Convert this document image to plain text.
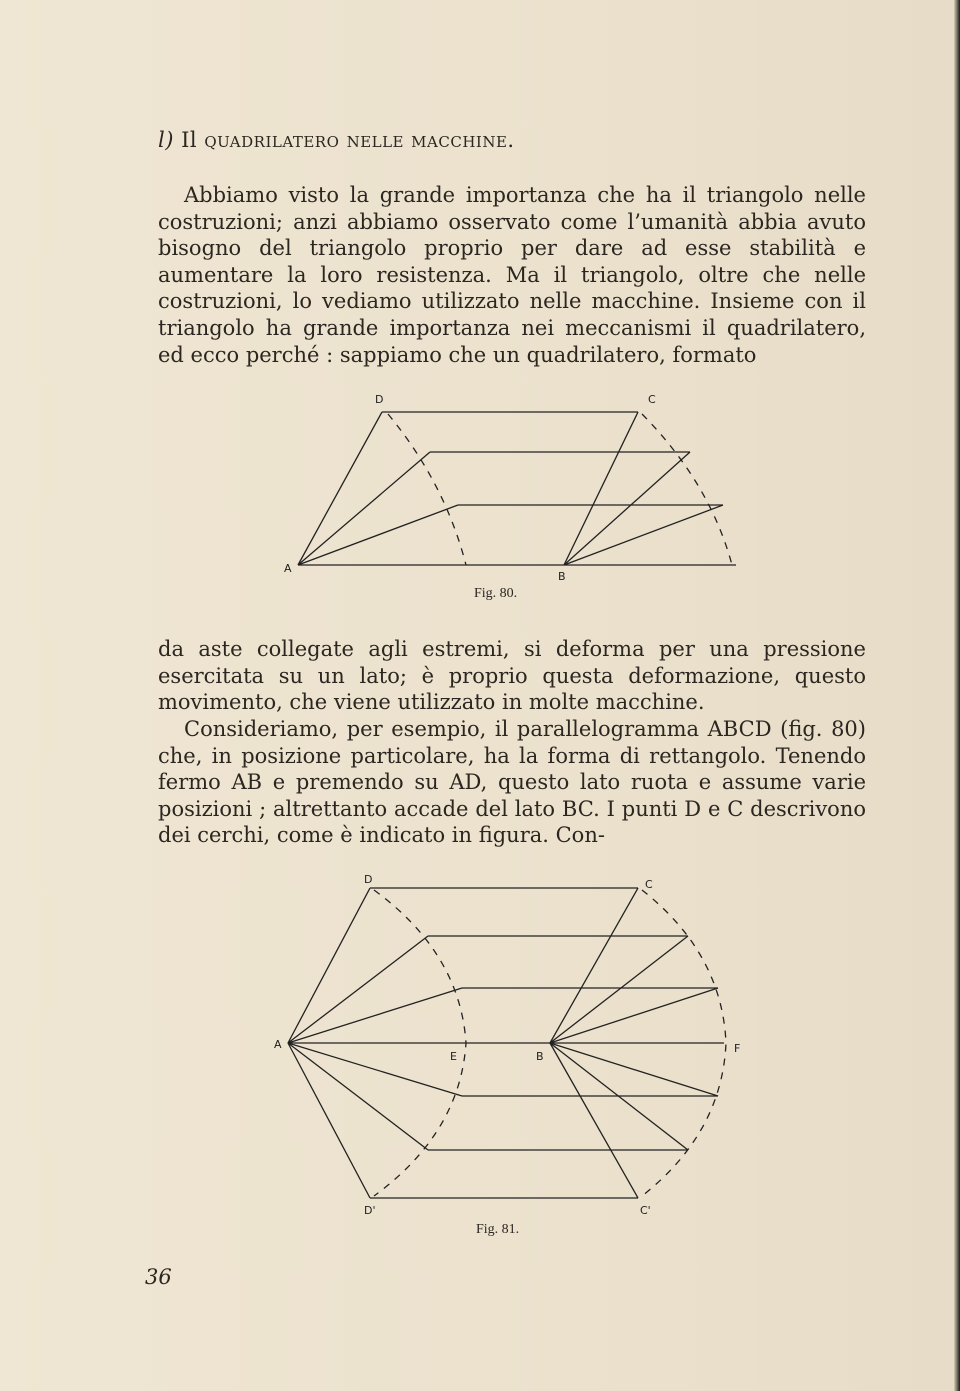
l) Il quadrilatero nelle macchine.

Abbiamo visto la grande importanza che ha il triangolo nelle costruzioni; anzi abbiamo osservato come l’umanità abbia avuto bisogno del triangolo proprio per dare ad esse stabilità e aumentare la loro resistenza. Ma il triangolo, oltre che nelle costruzioni, lo vediamo utilizzato nelle macchine. Insieme con il triangolo ha grande importanza nei meccanismi il quadrilatero, ed ecco perché : sappiamo che un quadrilatero, formato

D	C
A
B

Fig. 80.

da aste collegate agli estremi, si deforma per una pressione esercitata su un lato; è proprio questa deformazione, questo movimento, che viene utilizzato in molte macchine.

Consideriamo, per esempio, il parallelogramma ABCD (fig. 80) che, in posizione particolare, ha la forma di rettangolo. Tenendo fermo AB e premendo su AD, questo lato ruota e assume varie posizioni ; altrettanto accade del lato BC. I punti D e C descrivono dei cerchi, come è indicato in figura. Con-

D	C
A
E	B
F
D'	C'

Fig. 81.

36
